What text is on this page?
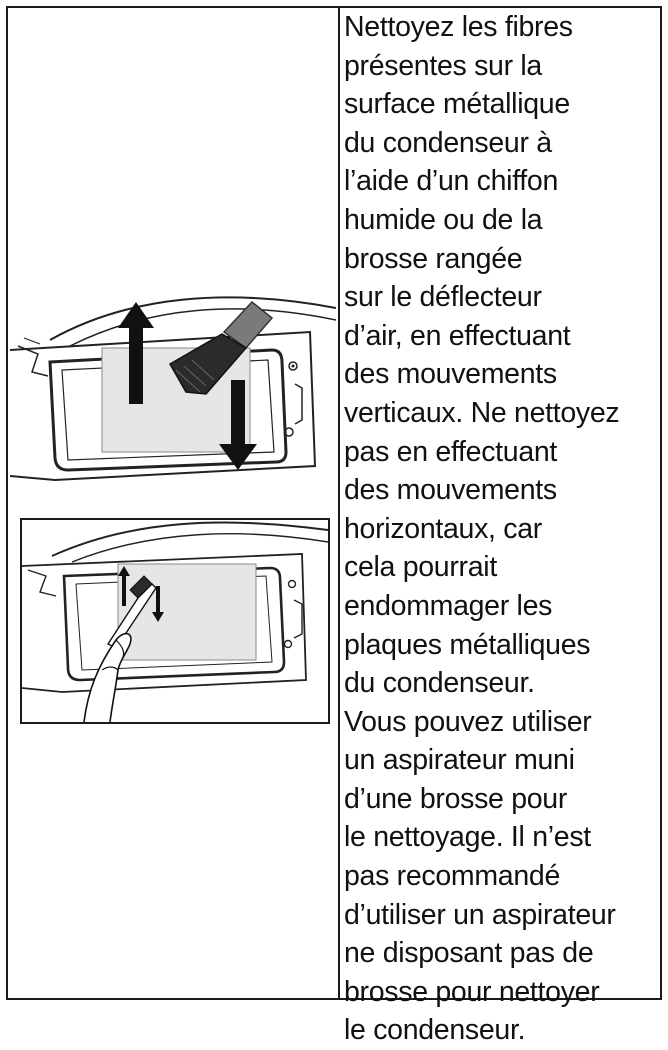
Nettoyez les fibres
présentes sur la
surface métallique
du condenseur à
l’aide d’un chiffon
humide ou de la
brosse rangée
sur le déflecteur
d’air, en effectuant
des mouvements
verticaux. Ne nettoyez
pas en effectuant
des mouvements
horizontaux, car
cela pourrait
endommager les
plaques métalliques
du condenseur.
Vous pouvez utiliser
un aspirateur muni
d’une brosse pour
le nettoyage. Il n’est
pas recommandé
d’utiliser un aspirateur
ne disposant pas de
brosse pour nettoyer
le condenseur.
